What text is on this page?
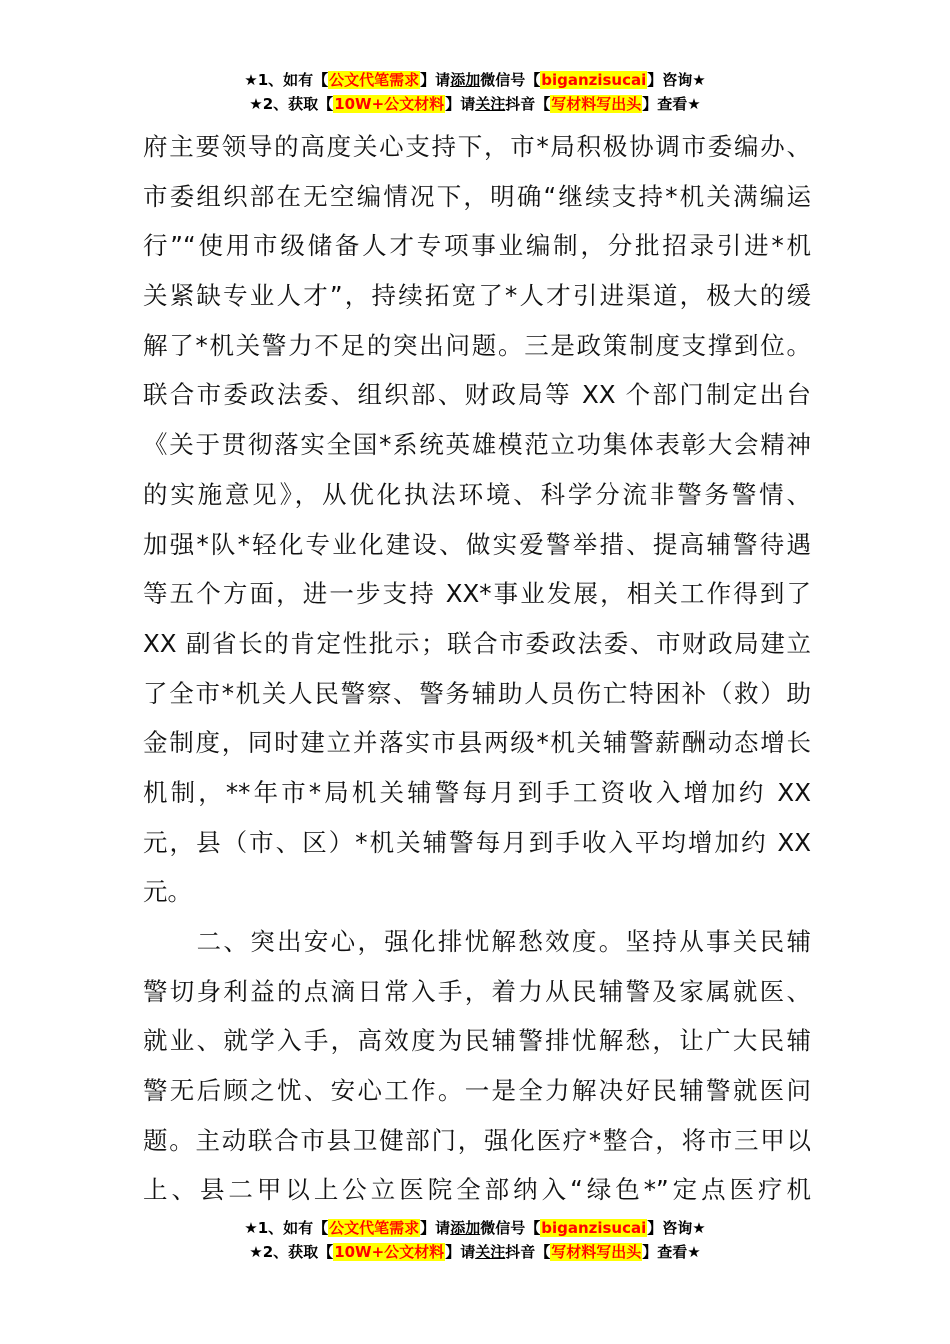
★1、如有【公文代笔需求】请添加微信号【biganzisucai】咨询★
★2、获取【10W+公文材料】请关注抖音【写材料写出头】查看★
府主要领导的高度关心支持下，市*局积极协调市委编办、
市委组织部在无空编情况下，明确“继续支持*机关满编运
行”“使用市级储备人才专项事业编制，分批招录引进*机
关紧缺专业人才”，持续拓宽了*人才引进渠道，极大的缓
解了*机关警力不足的突出问题。三是政策制度支撑到位。
联合市委政法委、组织部、财政局等 XX 个部门制定出台
《关于贯彻落实全国*系统英雄模范立功集体表彰大会精神
的实施意见》，从优化执法环境、科学分流非警务警情、
加强*队*轻化专业化建设、做实爱警举措、提高辅警待遇
等五个方面，进一步支持 XX*事业发展，相关工作得到了
XX 副省长的肯定性批示；联合市委政法委、市财政局建立
了全市*机关人民警察、警务辅助人员伤亡特困补（救）助
金制度，同时建立并落实市县两级*机关辅警薪酬动态增长
机制，**年市*局机关辅警每月到手工资收入增加约 XX
元，县（市、区）*机关辅警每月到手收入平均增加约 XX
元。
　　二、突出安心，强化排忧解愁效度。坚持从事关民辅
警切身利益的点滴日常入手，着力从民辅警及家属就医、
就业、就学入手，高效度为民辅警排忧解愁，让广大民辅
警无后顾之忧、安心工作。一是全力解决好民辅警就医问
题。主动联合市县卫健部门，强化医疗*整合，将市三甲以
上、县二甲以上公立医院全部纳入“绿色*”定点医疗机
★1、如有【公文代笔需求】请添加微信号【biganzisucai】咨询★
★2、获取【10W+公文材料】请关注抖音【写材料写出头】查看★
